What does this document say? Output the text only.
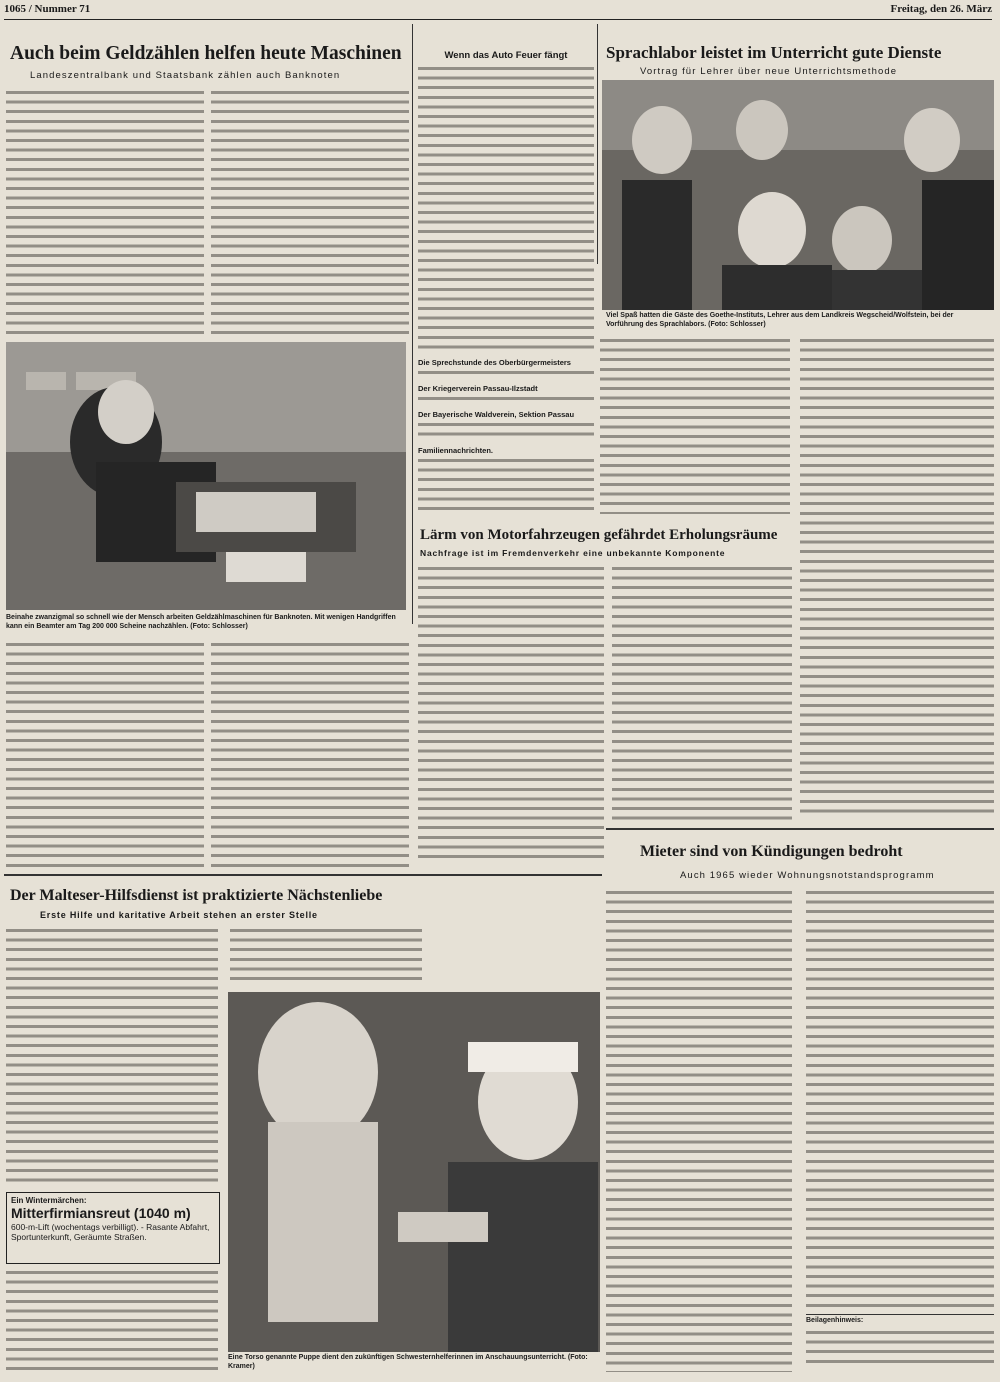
1065 / Nummer 71	Freitag, den 26. März
Auch beim Geldzählen helfen heute Maschinen
Landeszentralbank und Staatsbank zählen auch Banknoten
Beinahe zwanzigmal so schnell wie der Mensch arbeiten Geldzählmaschinen für Banknoten. Mit wenigen Handgriffen kann ein Beamter am Tag 200 000 Scheine nachzählen. (Foto: Schlosser)
Wenn das Auto Feuer fängt
Die Sprechstunde des Oberbürgermeisters
Der Kriegerverein Passau-Ilzstadt
Der Bayerische Waldverein, Sektion Passau
Familiennachrichten.
Sprachlabor leistet im Unterricht gute Dienste
Vortrag für Lehrer über neue Unterrichtsmethode
Viel Spaß hatten die Gäste des Goethe-Instituts, Lehrer aus dem Landkreis Wegscheid/Wolfstein, bei der Vorführung des Sprachlabors. (Foto: Schlosser)
Lärm von Motorfahrzeugen gefährdet Erholungsräume
Nachfrage ist im Fremdenverkehr eine unbekannte Komponente
Der Malteser-Hilfsdienst ist praktizierte Nächstenliebe
Erste Hilfe und karitative Arbeit stehen an erster Stelle
Eine Torso genannte Puppe dient den zukünftigen Schwesternhelferinnen im Anschauungsunterricht. (Foto: Kramer)
Ein Wintermärchen:
Mitterfirmiansreut (1040 m)
600-m-Lift (wochentags verbilligt). - Rasante Abfahrt, Sportunterkunft, Geräumte Straßen.
Mieter sind von Kündigungen bedroht
Auch 1965 wieder Wohnungsnotstandsprogramm
Beilagenhinweis:
